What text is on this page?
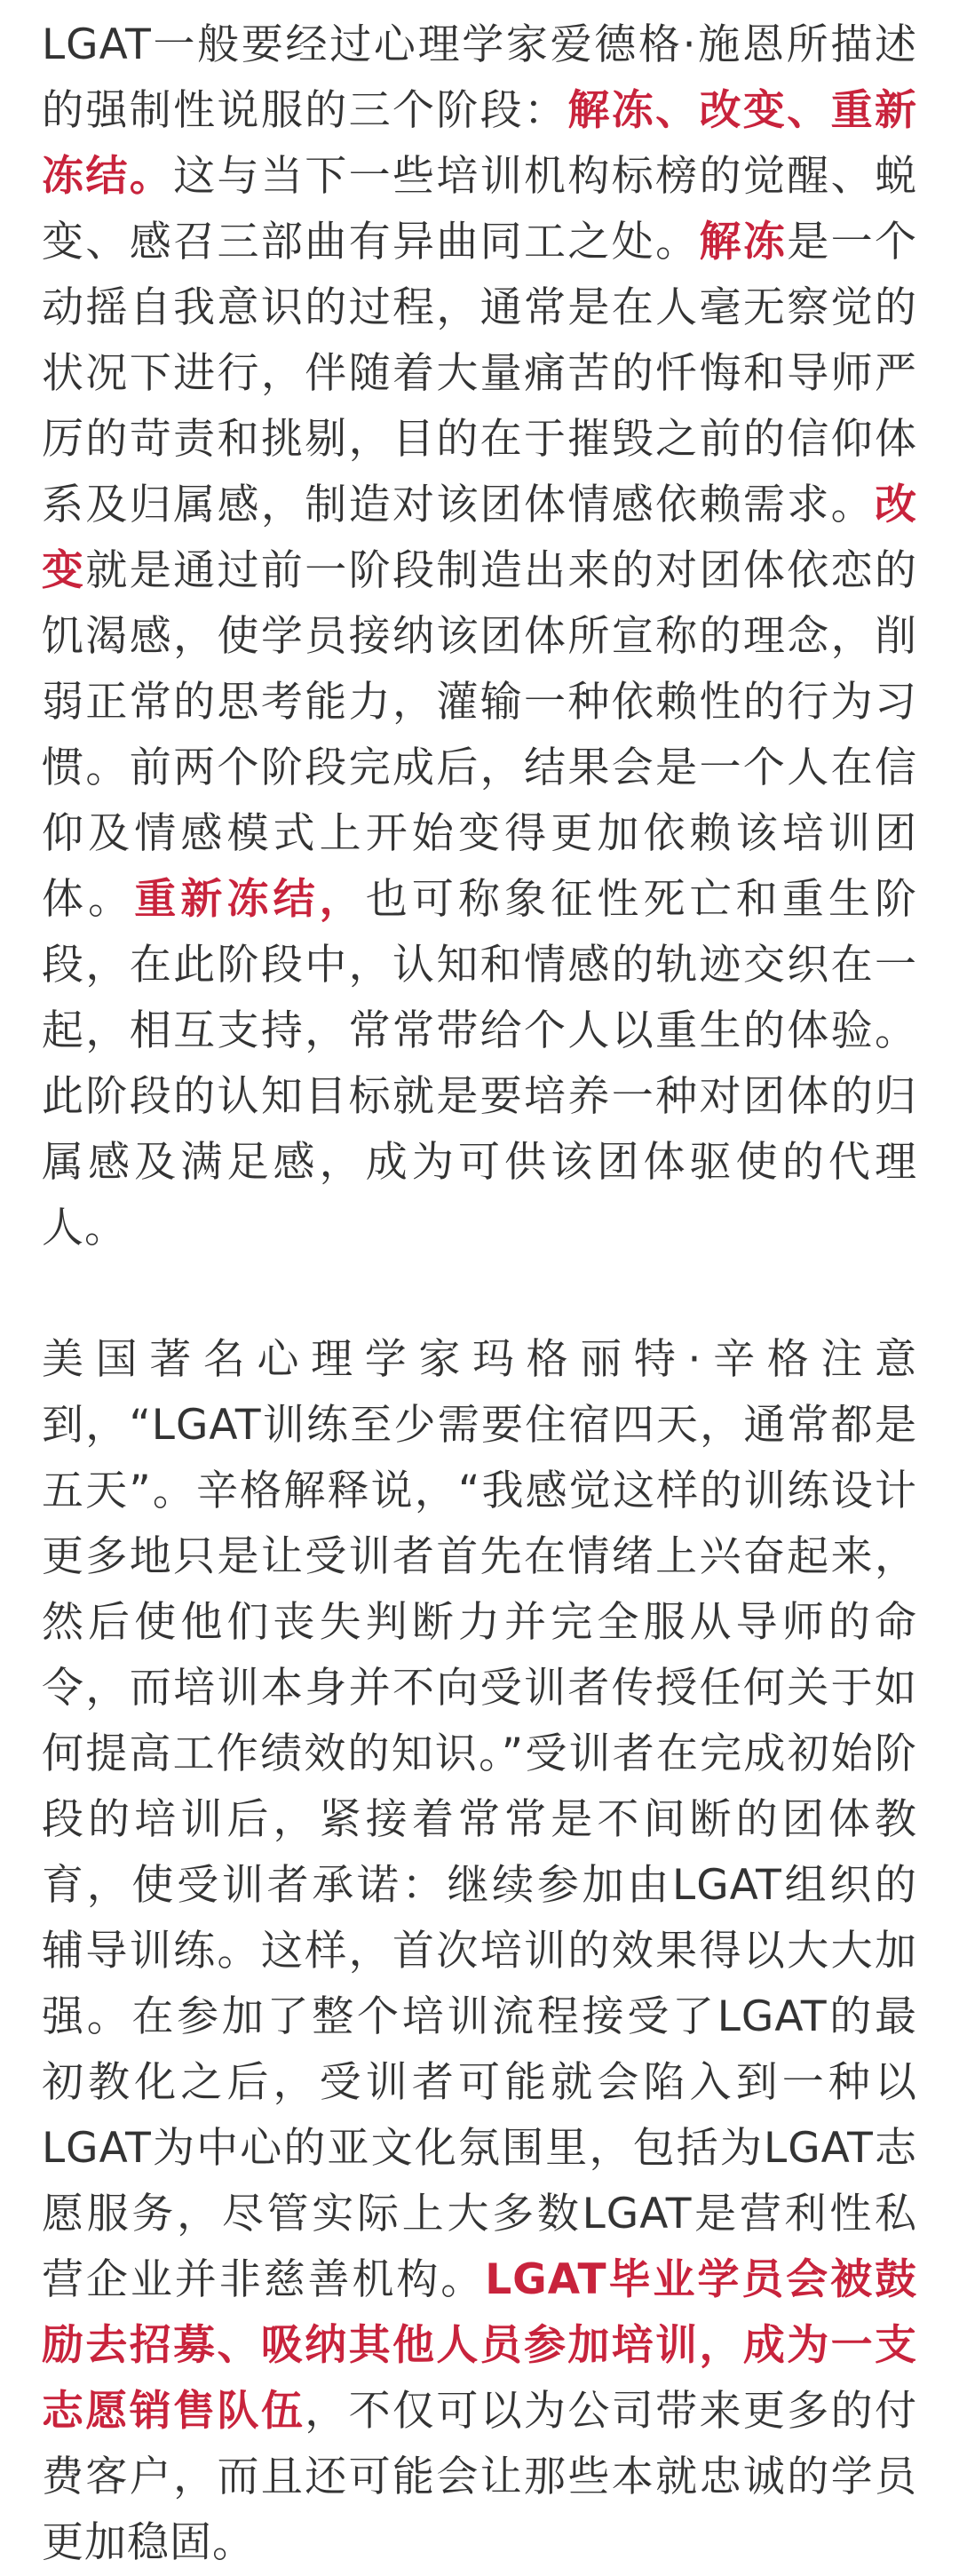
LGAT一般要经过心理学家爱德格·施恩所描述的强制性说服的三个阶段：解冻、改变、重新冻结。这与当下一些培训机构标榜的觉醒、蜕变、感召三部曲有异曲同工之处。解冻是一个动摇自我意识的过程，通常是在人毫无察觉的状况下进行，伴随着大量痛苦的忏悔和导师严厉的苛责和挑剔，目的在于摧毁之前的信仰体系及归属感，制造对该团体情感依赖需求。改变就是通过前一阶段制造出来的对团体依恋的饥渴感，使学员接纳该团体所宣称的理念，削弱正常的思考能力，灌输一种依赖性的行为习惯。前两个阶段完成后，结果会是一个人在信仰及情感模式上开始变得更加依赖该培训团体。重新冻结，也可称象征性死亡和重生阶段，在此阶段中，认知和情感的轨迹交织在一起，相互支持，常常带给个人以重生的体验。此阶段的认知目标就是要培养一种对团体的归属感及满足感，成为可供该团体驱使的代理人。

美国著名心理学家玛格丽特·辛格注意到，“LGAT训练至少需要住宿四天，通常都是五天”。辛格解释说，“我感觉这样的训练设计更多地只是让受训者首先在情绪上兴奋起来，然后使他们丧失判断力并完全服从导师的命令，而培训本身并不向受训者传授任何关于如何提高工作绩效的知识。”受训者在完成初始阶段的培训后，紧接着常常是不间断的团体教育，使受训者承诺：继续参加由LGAT组织的辅导训练。这样，首次培训的效果得以大大加强。在参加了整个培训流程接受了LGAT的最初教化之后，受训者可能就会陷入到一种以LGAT为中心的亚文化氛围里，包括为LGAT志愿服务，尽管实际上大多数LGAT是营利性私营企业并非慈善机构。LGAT毕业学员会被鼓励去招募、吸纳其他人员参加培训，成为一支志愿销售队伍，不仅可以为公司带来更多的付费客户，而且还可能会让那些本就忠诚的学员更加稳固。
